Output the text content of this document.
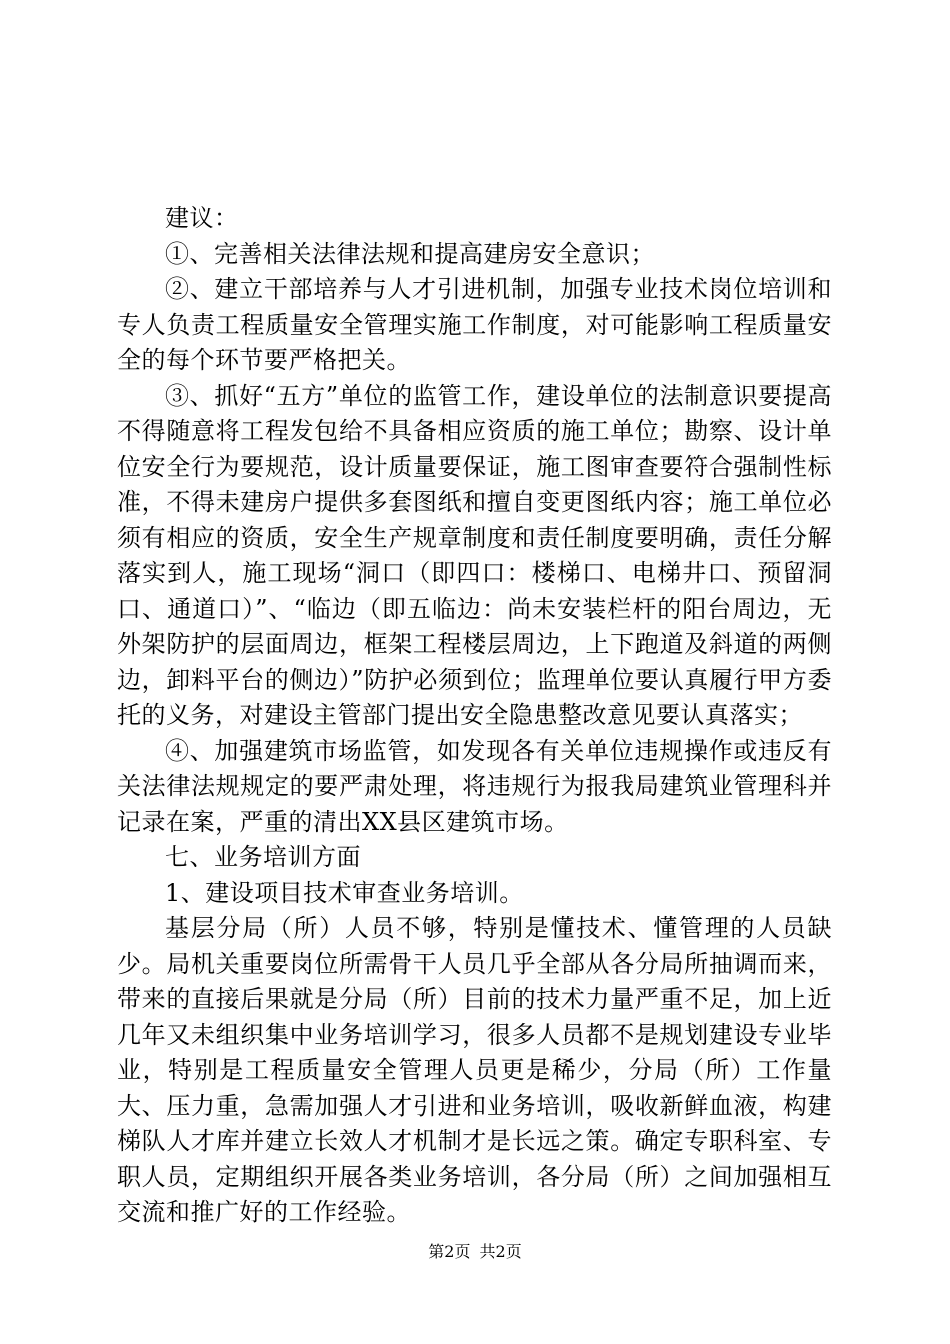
建议：

①、完善相关法律法规和提高建房安全意识；

②、建立干部培养与人才引进机制，加强专业技术岗位培训和专人负责工程质量安全管理实施工作制度，对可能影响工程质量安全的每个环节要严格把关。

③、抓好“五方”单位的监管工作，建设单位的法制意识要提高不得随意将工程发包给不具备相应资质的施工单位；勘察、设计单位安全行为要规范，设计质量要保证，施工图审查要符合强制性标准，不得未建房户提供多套图纸和擅自变更图纸内容；施工单位必须有相应的资质，安全生产规章制度和责任制度要明确，责任分解落实到人，施工现场“洞口（即四口：楼梯口、电梯井口、预留洞口、通道口）”、“临边（即五临边：尚未安装栏杆的阳台周边，无外架防护的层面周边，框架工程楼层周边，上下跑道及斜道的两侧边，卸料平台的侧边）”防护必须到位；监理单位要认真履行甲方委托的义务，对建设主管部门提出安全隐患整改意见要认真落实；

④、加强建筑市场监管，如发现各有关单位违规操作或违反有关法律法规规定的要严肃处理，将违规行为报我局建筑业管理科并记录在案，严重的清出XX县区建筑市场。

七、业务培训方面

1、建设项目技术审查业务培训。

基层分局（所）人员不够，特别是懂技术、懂管理的人员缺少。局机关重要岗位所需骨干人员几乎全部从各分局所抽调而来，带来的直接后果就是分局（所）目前的技术力量严重不足，加上近几年又未组织集中业务培训学习，很多人员都不是规划建设专业毕业，特别是工程质量安全管理人员更是稀少，分局（所）工作量大、压力重，急需加强人才引进和业务培训，吸收新鲜血液，构建梯队人才库并建立长效人才机制才是长远之策。确定专职科室、专职人员，定期组织开展各类业务培训，各分局（所）之间加强相互交流和推广好的工作经验。

第2页 共2页
